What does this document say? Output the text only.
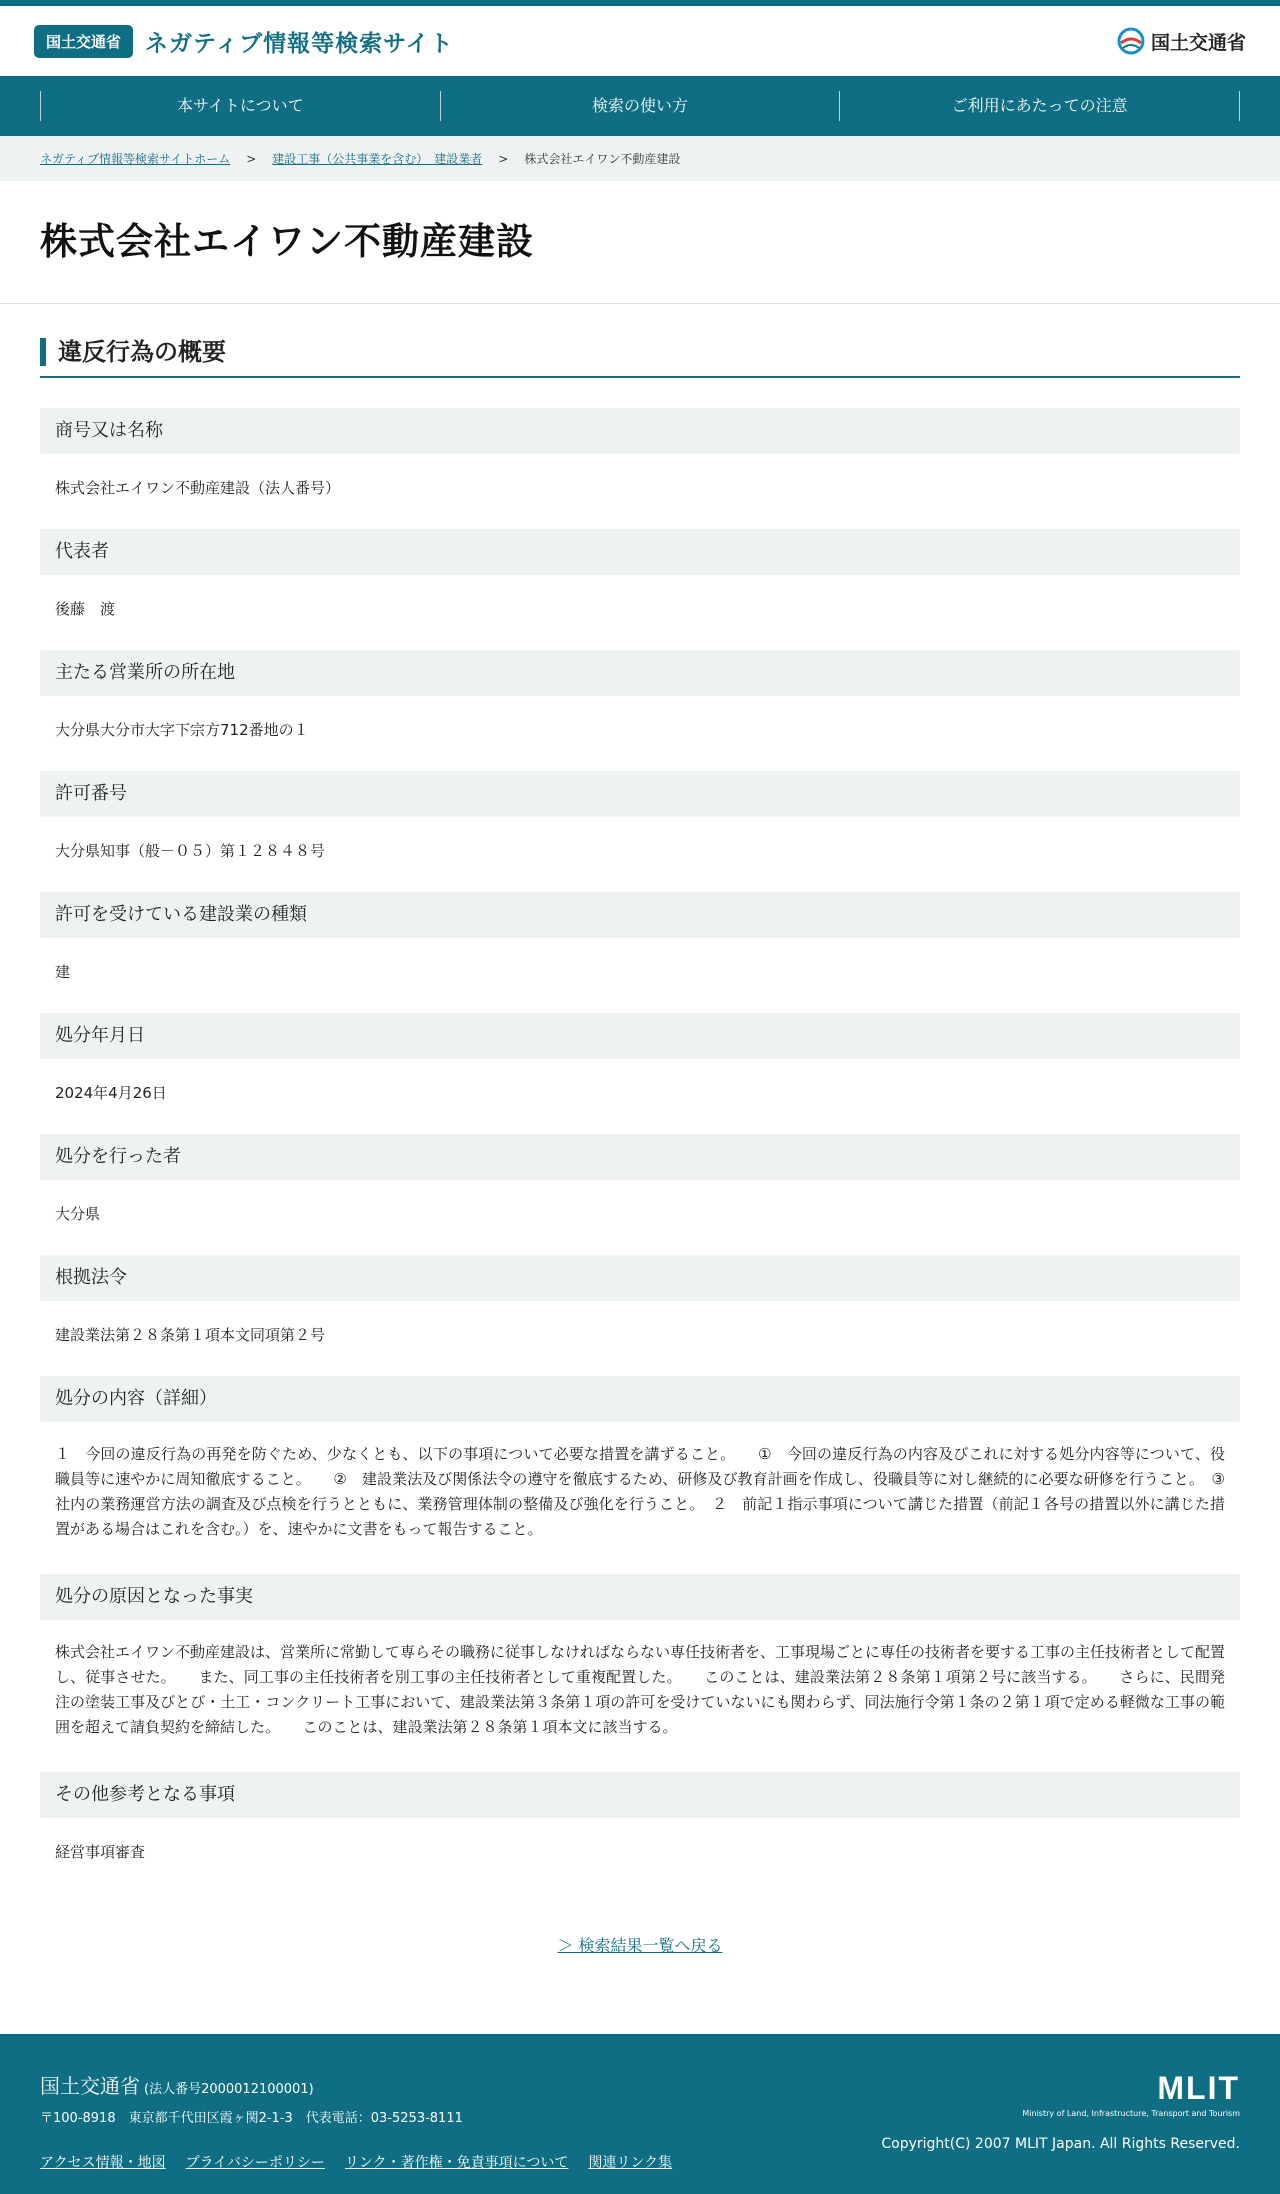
国土交通省	ネガティブ情報等検索サイト	国土交通省
本サイトについて	検索の使い方	ご利用にあたっての注意
ネガティブ情報等検索サイトホーム > 建設工事（公共事業を含む）　建設業者 > 株式会社エイワン不動産建設
株式会社エイワン不動産建設
違反行為の概要
商号又は名称
株式会社エイワン不動産建設（法人番号）
代表者
後藤　渡
主たる営業所の所在地
大分県大分市大字下宗方712番地の１
許可番号
大分県知事（般－０５）第１２８４８号
許可を受けている建設業の種類
建
処分年月日
2024年4月26日
処分を行った者
大分県
根拠法令
建設業法第２８条第１項本文同項第２号
処分の内容（詳細）
１　今回の違反行為の再発を防ぐため、少なくとも、以下の事項について必要な措置を講ずること。　　①　今回の違反行為の内容及びこれに対する処分内容等について、役職員等に速やかに周知徹底すること。　　②　建設業法及び関係法令の遵守を徹底するため、研修及び教育計画を作成し、役職員等に対し継続的に必要な研修を行うこと。　③　社内の業務運営方法の調査及び点検を行うとともに、業務管理体制の整備及び強化を行うこと。　２　前記１指示事項について講じた措置（前記１各号の措置以外に講じた措置がある場合はこれを含む。）を、速やかに文書をもって報告すること。
処分の原因となった事実
株式会社エイワン不動産建設は、営業所に常勤して専らその職務に従事しなければならない専任技術者を、工事現場ごとに専任の技術者を要する工事の主任技術者として配置し、従事させた。　　また、同工事の主任技術者を別工事の主任技術者として重複配置した。　　このことは、建設業法第２８条第１項第２号に該当する。　　さらに、民間発注の塗装工事及びとび・土工・コンクリート工事において、建設業法第３条第１項の許可を受けていないにも関わらず、同法施行令第１条の２第１項で定める軽微な工事の範囲を超えて請負契約を締結した。　　このことは、建設業法第２８条第１項本文に該当する。
その他参考となる事項
経営事項審査
＞ 検索結果一覧へ戻る
国土交通省 (法人番号2000012100001)
〒100-8918　東京都千代田区霞ヶ関2-1-3　代表電話：03-5253-8111
アクセス情報・地図 プライバシーポリシー リンク・著作権・免責事項について 関連リンク集
MLIT
Ministry of Land, Infrastructure, Transport and Tourism
Copyright(C) 2007 MLIT Japan. All Rights Reserved.
